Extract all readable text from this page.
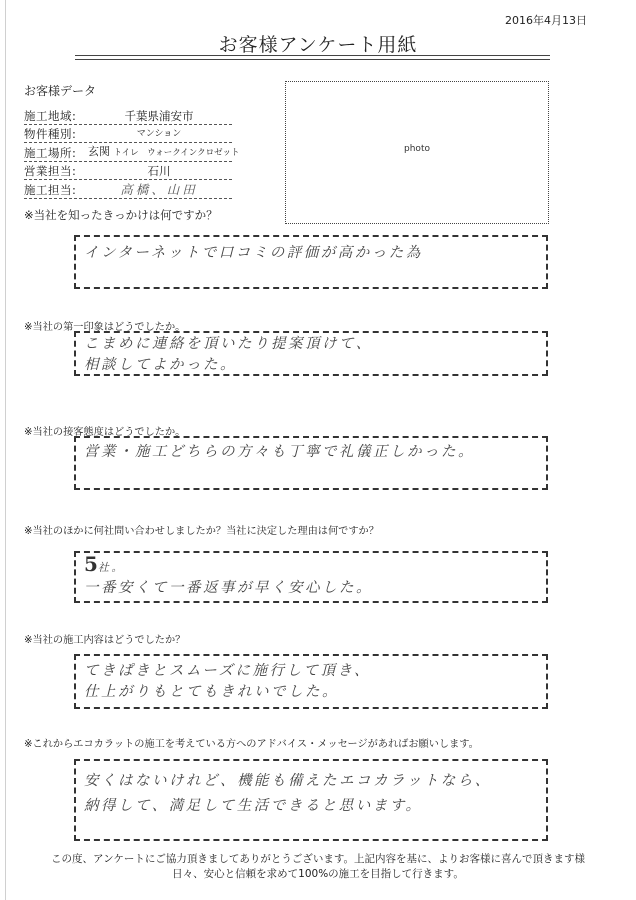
2016年4月13日
お客様アンケート用紙
お客様データ
施工地域:	千葉県浦安市
物件種別:	マンション
施工場所:	玄関 トイレ　ウォークインクロゼット
営業担当:	石川
施工担当:	高橋、山田
photo
※当社を知ったきっかけは何ですか？
インターネットで口コミの評価が高かった為
※当社の第一印象はどうでしたか。
こまめに連絡を頂いたり提案頂けて、
相談してよかった。
※当社の接客態度はどうでしたか。
営業・施工どちらの方々も丁寧で礼儀正しかった。
※当社のほかに何社問い合わせしましたか？当社に決定した理由は何ですか？
5社。
一番安くて一番返事が早く安心した。
※当社の施工内容はどうでしたか？
てきぱきとスムーズに施行して頂き、
仕上がりもとてもきれいでした。
※これからエコカラットの施工を考えている方へのアドバイス・メッセージがあればお願いします。
安くはないけれど、機能も備えたエコカラットなら、
納得して、満足して生活できると思います。
この度、アンケートにご協力頂きましてありがとうございます。上記内容を基に、よりお客様に喜んで頂きます様
日々、安心と信頼を求めて100%の施工を目指して行きます。
